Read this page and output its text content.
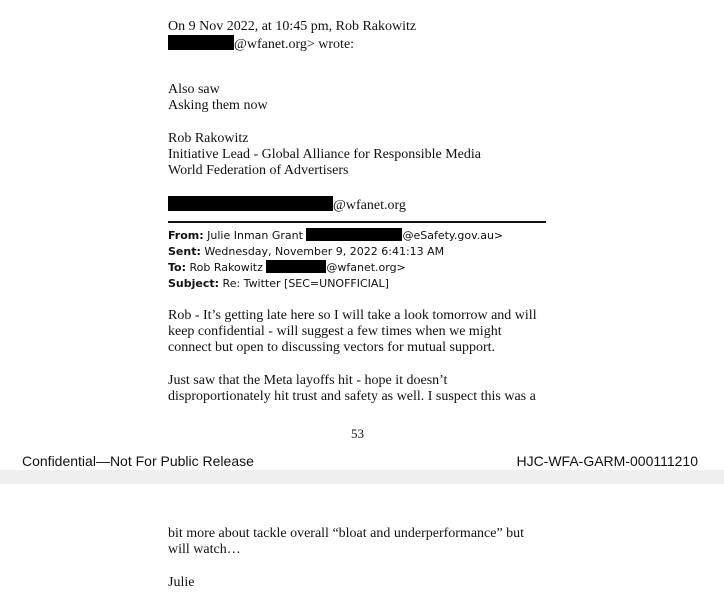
On 9 Nov 2022, at 10:45 pm, Rob Rakowitz
@wfanet.org> wrote:
Also saw
Asking them now
Rob Rakowitz
Initiative Lead - Global Alliance for Responsible Media
World Federation of Advertisers
@wfanet.org
From: Julie Inman Grant	@eSafety.gov.au>
Sent: Wednesday, November 9, 2022 6:41:13 AM
To: Rob Rakowitz	@wfanet.org>
Subject: Re: Twitter [SEC=UNOFFICIAL]
Rob - It’s getting late here so I will take a look tomorrow and will
keep confidential - will suggest a few times when we might
connect but open to discussing vectors for mutual support.
Just saw that the Meta layoffs hit - hope it doesn’t
disproportionately hit trust and safety as well. I suspect this was a
53
Confidential—Not For Public Release	HJC-WFA-GARM-000111210
bit more about tackle overall “bloat and underperformance” but
will watch…
Julie
